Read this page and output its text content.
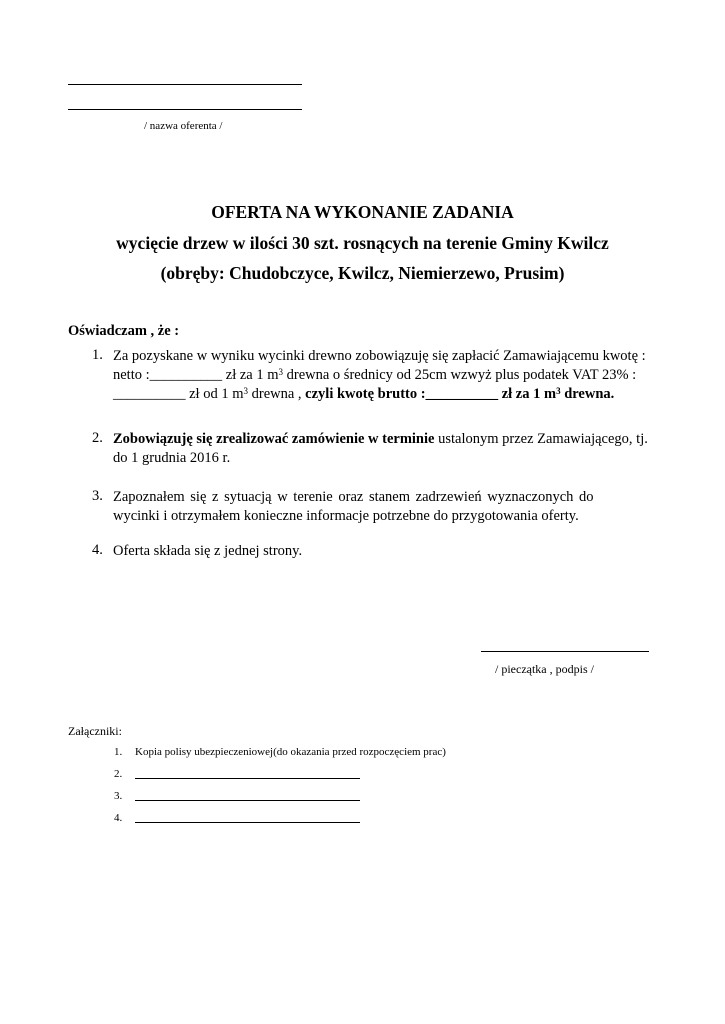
/ nazwa oferenta /
OFERTA NA WYKONANIE ZADANIA
wycięcie drzew w ilości 30 szt. rosnących na terenie Gminy Kwilcz
(obręby: Chudobczyce, Kwilcz, Niemierzewo, Prusim)
Oświadczam , że :
1. Za pozyskane w wyniku wycinki drewno zobowiązuję się zapłacić Zamawiającemu kwotę :
netto :__________ zł za 1 $m^3$ drewna o średnicy od 25cm wzwyż plus podatek VAT 23% :
__________ zł od 1 $m^3$ drewna , czyli kwotę brutto :__________ zł za 1 $m^3$ drewna.
2. Zobowiązuję się zrealizować zamówienie w terminie ustalonym przez Zamawiającego, tj.
do 1 grudnia 2016 r.
3. Zapoznałem się z sytuacją w terenie oraz stanem zadrzewień wyznaczonych do
wycinki i otrzymałem konieczne informacje potrzebne do przygotowania oferty.
4. Oferta składa się z jednej strony.
/ pieczątka , podpis /
Załączniki:
1. Kopia polisy ubezpieczeniowej(do okazania przed rozpoczęciem prac)
2.
3.
4.
